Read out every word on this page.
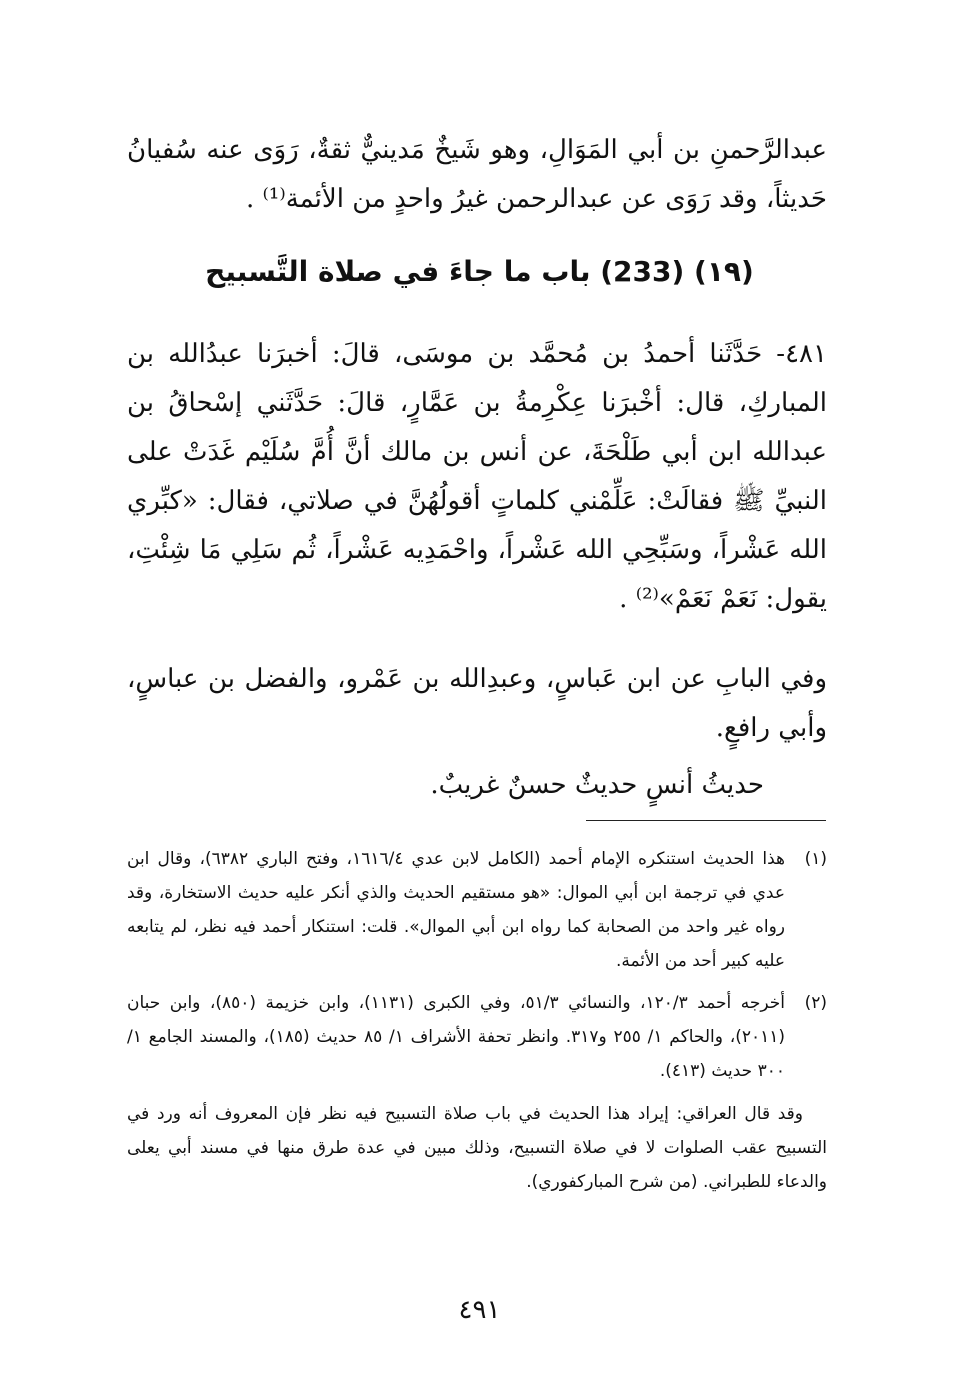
عبدالرَّحمنِ بن أبي المَوَالِ، وهو شَيخٌ مَدينيٌّ ثقةٌ، رَوَى عنه سُفيانُ حَديثاً، وقد رَوَى عن عبدالرحمن غيرُ واحدٍ من الأئمة⁽¹⁾ .

(١٩) (233) باب ما جاءَ في صلاة التَّسبيح

٤٨١- حَدَّثَنا أحمدُ بن مُحمَّد بن موسَى، قالَ: أخبرَنا عبدُالله بن المباركِ، قال: أخْبرَنا عِكْرِمةُ بن عَمَّارٍ، قالَ: حَدَّثَني إسْحاقُ بن عبدالله ابن أبي طَلْحَةَ، عن أنس بن مالك أنَّ أُمَّ سُلَيْم غَدَتْ على النبيِّ ﷺ فقالَتْ: عَلِّمْني كلماتٍ أقولُهُنَّ في صلاتي، فقال: «كبِّري الله عَشْراً، وسَبِّحِي الله عَشْراً، واحْمَدِيه عَشْراً، ثُم سَلِي مَا شِئْتِ، يقول: نَعَمْ نَعَمْ»⁽²⁾ .

وفي البابِ عن ابن عَباسٍ، وعبدِالله بن عَمْرو، والفضل بن عباسٍ، وأبي رافعٍ.

حديثُ أنسٍ حديثٌ حسنٌ غريبٌ.

(١)
هذا الحديث استنكره الإمام أحمد (الكامل لابن عدي ١٦١٦/٤، وفتح الباري ٦٣٨٢)، وقال ابن عدي في ترجمة ابن أبي الموال: «هو مستقيم الحديث والذي أنكر عليه حديث الاستخارة، وقد رواه غير واحد من الصحابة كما رواه ابن أبي الموال». قلت: استنكار أحمد فيه نظر، لم يتابعه عليه كبير أحد من الأئمة.
(٢)
أخرجه أحمد ١٢٠/٣، والنسائي ٥١/٣، وفي الكبرى (١١٣١)، وابن خزيمة (٨٥٠)، وابن حبان (٢٠١١)، والحاكم ١/ ٢٥٥ و٣١٧. وانظر تحفة الأشراف ١/ ٨٥ حديث (١٨٥)، والمسند الجامع ١/ ٣٠٠ حديث (٤١٣).
وقد قال العراقي: إيراد هذا الحديث في باب صلاة التسبيح فيه نظر فإن المعروف أنه ورد في التسبيح عقب الصلوات لا في صلاة التسبيح، وذلك مبين في عدة طرق منها في مسند أبي يعلى والدعاء للطبراني. (من شرح المباركفوري).

٤٩١
